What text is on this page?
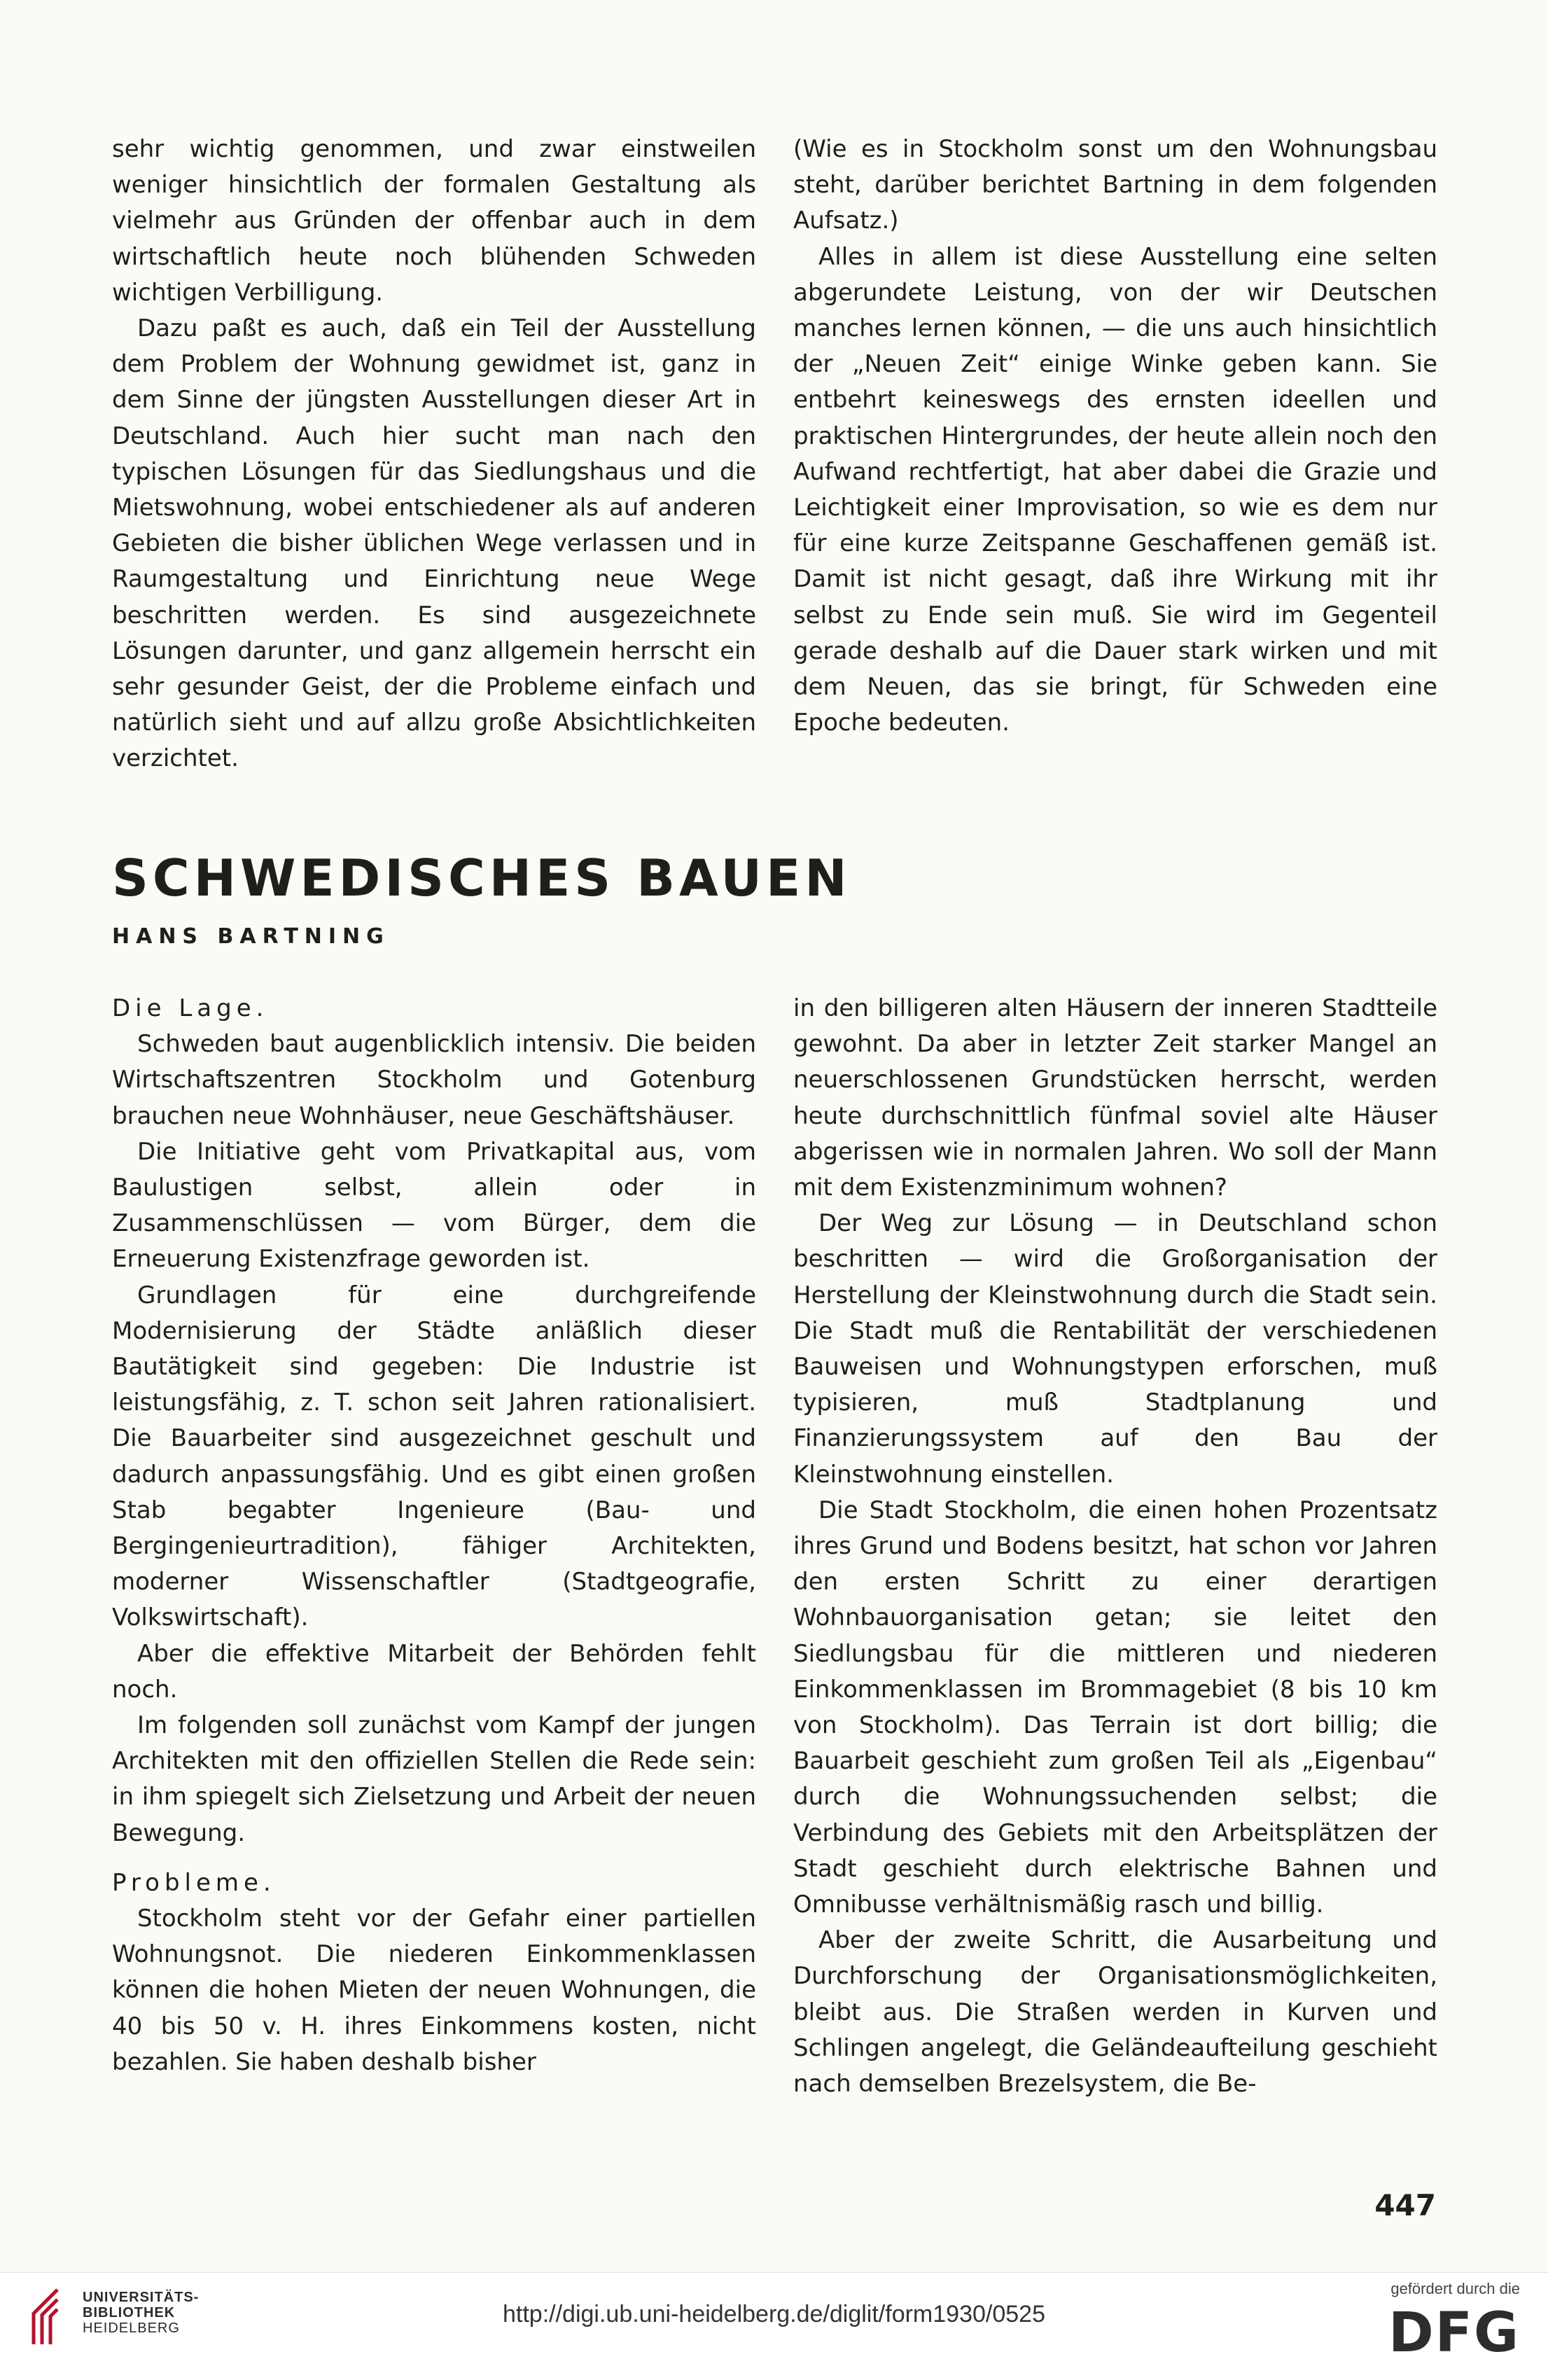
sehr wichtig genommen, und zwar einstweilen weniger hinsichtlich der formalen Gestaltung als vielmehr aus Gründen der offenbar auch in dem wirtschaftlich heute noch blühenden Schweden wichtigen Verbilligung.

Dazu paßt es auch, daß ein Teil der Ausstellung dem Problem der Wohnung gewidmet ist, ganz in dem Sinne der jüngsten Ausstellungen dieser Art in Deutschland. Auch hier sucht man nach den typischen Lösungen für das Siedlungshaus und die Mietswohnung, wobei entschiedener als auf anderen Gebieten die bisher üblichen Wege verlassen und in Raumgestaltung und Einrichtung neue Wege beschritten werden. Es sind ausgezeichnete Lösungen darunter, und ganz allgemein herrscht ein sehr gesunder Geist, der die Probleme einfach und natürlich sieht und auf allzu große Absichtlichkeiten verzichtet.

(Wie es in Stockholm sonst um den Wohnungsbau steht, darüber berichtet Bartning in dem folgenden Aufsatz.)

Alles in allem ist diese Ausstellung eine selten abgerundete Leistung, von der wir Deutschen manches lernen können, — die uns auch hinsichtlich der „Neuen Zeit“ einige Winke geben kann. Sie entbehrt keineswegs des ernsten ideellen und praktischen Hintergrundes, der heute allein noch den Aufwand rechtfertigt, hat aber dabei die Grazie und Leichtigkeit einer Improvisation, so wie es dem nur für eine kurze Zeitspanne Geschaffenen gemäß ist. Damit ist nicht gesagt, daß ihre Wirkung mit ihr selbst zu Ende sein muß. Sie wird im Gegenteil gerade deshalb auf die Dauer stark wirken und mit dem Neuen, das sie bringt, für Schweden eine Epoche bedeuten.

SCHWEDISCHES BAUEN
HANS BARTNING

Die Lage.

Schweden baut augenblicklich intensiv. Die beiden Wirtschaftszentren Stockholm und Gotenburg brauchen neue Wohnhäuser, neue Geschäftshäuser.

Die Initiative geht vom Privatkapital aus, vom Baulustigen selbst, allein oder in Zusammenschlüssen — vom Bürger, dem die Erneuerung Existenzfrage geworden ist.

Grundlagen für eine durchgreifende Modernisierung der Städte anläßlich dieser Bautätigkeit sind gegeben: Die Industrie ist leistungsfähig, z. T. schon seit Jahren rationalisiert. Die Bauarbeiter sind ausgezeichnet geschult und dadurch anpassungsfähig. Und es gibt einen großen Stab begabter Ingenieure (Bau- und Bergingenieurtradition), fähiger Architekten, moderner Wissenschaftler (Stadtgeografie, Volkswirtschaft).

Aber die effektive Mitarbeit der Behörden fehlt noch.

Im folgenden soll zunächst vom Kampf der jungen Architekten mit den offiziellen Stellen die Rede sein: in ihm spiegelt sich Zielsetzung und Arbeit der neuen Bewegung.

Probleme.

Stockholm steht vor der Gefahr einer partiellen Wohnungsnot. Die niederen Einkommenklassen können die hohen Mieten der neuen Wohnungen, die 40 bis 50 v. H. ihres Einkommens kosten, nicht bezahlen. Sie haben deshalb bisher

in den billigeren alten Häusern der inneren Stadtteile gewohnt. Da aber in letzter Zeit starker Mangel an neuerschlossenen Grundstücken herrscht, werden heute durchschnittlich fünfmal soviel alte Häuser abgerissen wie in normalen Jahren. Wo soll der Mann mit dem Existenzminimum wohnen?

Der Weg zur Lösung — in Deutschland schon beschritten — wird die Großorganisation der Herstellung der Kleinstwohnung durch die Stadt sein. Die Stadt muß die Rentabilität der verschiedenen Bauweisen und Wohnungstypen erforschen, muß typisieren, muß Stadtplanung und Finanzierungssystem auf den Bau der Kleinstwohnung einstellen.

Die Stadt Stockholm, die einen hohen Prozentsatz ihres Grund und Bodens besitzt, hat schon vor Jahren den ersten Schritt zu einer derartigen Wohnbauorganisation getan; sie leitet den Siedlungsbau für die mittleren und niederen Einkommenklassen im Brommagebiet (8 bis 10 km von Stockholm). Das Terrain ist dort billig; die Bauarbeit geschieht zum großen Teil als „Eigenbau“ durch die Wohnungssuchenden selbst; die Verbindung des Gebiets mit den Arbeitsplätzen der Stadt geschieht durch elektrische Bahnen und Omnibusse verhältnismäßig rasch und billig.

Aber der zweite Schritt, die Ausarbeitung und Durchforschung der Organisationsmöglichkeiten, bleibt aus. Die Straßen werden in Kurven und Schlingen angelegt, die Geländeaufteilung geschieht nach demselben Brezelsystem, die Be-

447
UNIVERSITÄTS-
BIBLIOTHEK
HEIDELBERG
http://digi.ub.uni-heidelberg.de/diglit/form1930/0525
gefördert durch die
DFG
